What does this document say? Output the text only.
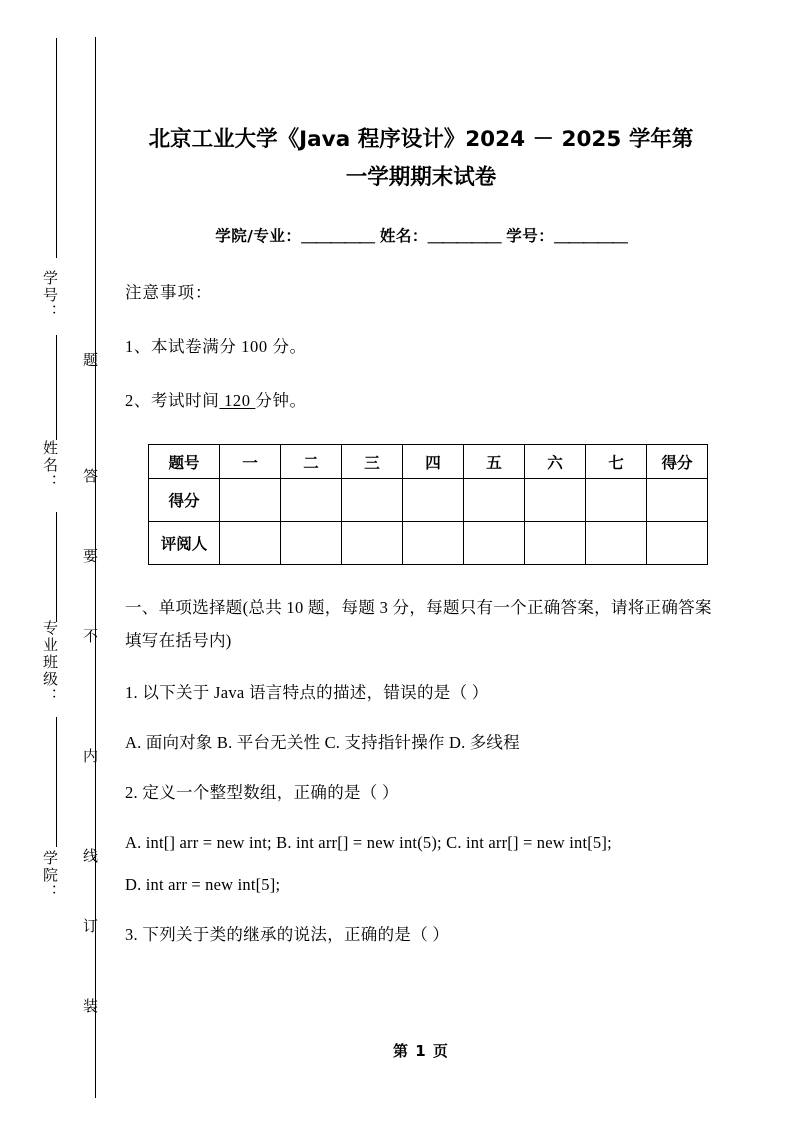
学号：
姓名：
专业班级：
学院：
题
答
要
不
内
线
订
装
北京工业大学《Java 程序设计》2024 － 2025 学年第
一学期期末试卷
学院/专业：＿＿＿＿＿ 姓名：＿＿＿＿＿ 学号：＿＿＿＿＿

注意事项：

1、本试卷满分 100 分。

2、考试时间 120 分钟。

题号	一	二	三	四	五	六	七	得分
得分								
评阅人								

一、单项选择题(总共 10 题，每题 3 分，每题只有一个正确答案，请将正确答案填写在括号内)

1. 以下关于 Java 语言特点的描述，错误的是（ ）

A. 面向对象 B. 平台无关性 C. 支持指针操作 D. 多线程

2. 定义一个整型数组，正确的是（ ）

A. int[] arr = new int; B. int arr[] = new int(5); C. int arr[] = new int[5];

D. int arr = new int[5];

3. 下列关于类的继承的说法，正确的是（ ）

第 1 页
